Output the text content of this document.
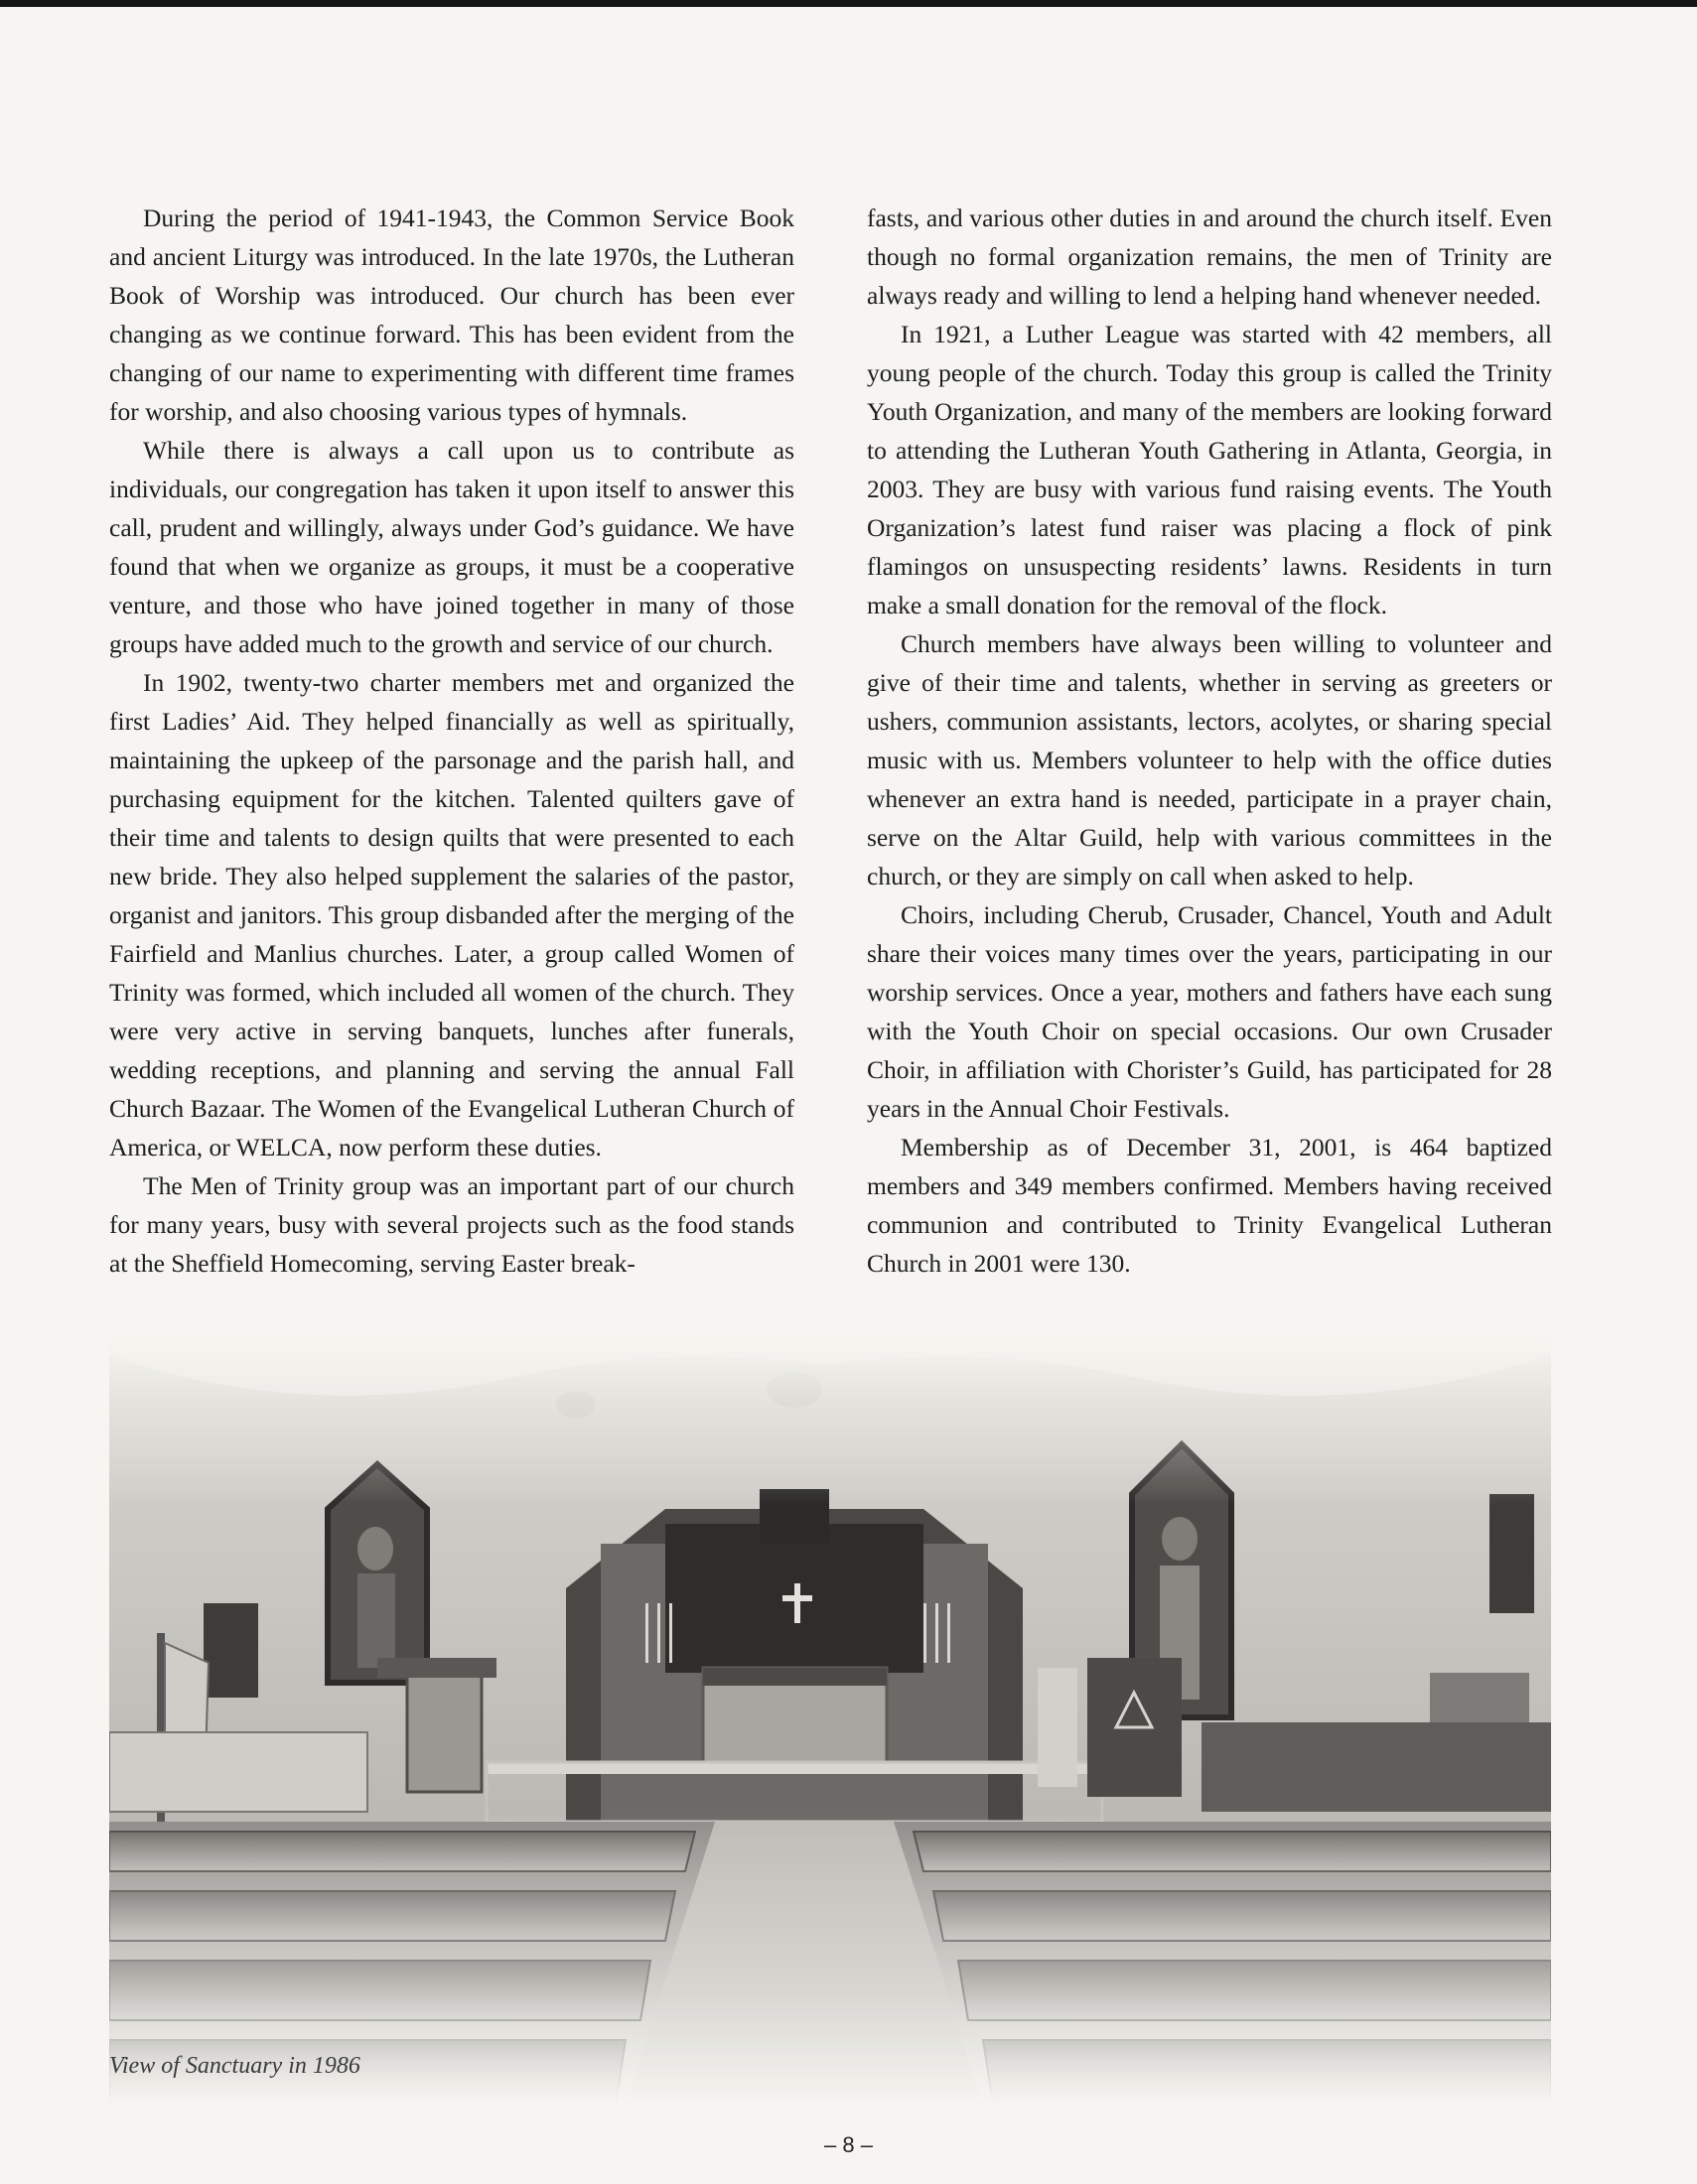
During the period of 1941-1943, the Common Service Book and ancient Liturgy was introduced. In the late 1970s, the Lutheran Book of Worship was introduced. Our church has been ever changing as we continue forward. This has been evident from the changing of our name to experimenting with different time frames for worship, and also choosing various types of hymnals.

While there is always a call upon us to contribute as individuals, our congregation has taken it upon itself to answer this call, prudent and willingly, always under God’s guidance. We have found that when we organize as groups, it must be a cooperative venture, and those who have joined together in many of those groups have added much to the growth and service of our church.

In 1902, twenty-two charter members met and organized the first Ladies’ Aid. They helped financially as well as spiritually, maintaining the upkeep of the parsonage and the parish hall, and purchasing equipment for the kitchen. Talented quilters gave of their time and talents to design quilts that were presented to each new bride. They also helped supplement the salaries of the pastor, organist and janitors. This group disbanded after the merging of the Fairfield and Manlius churches. Later, a group called Women of Trinity was formed, which included all women of the church. They were very active in serving banquets, lunches after funerals, wedding receptions, and planning and serving the annual Fall Church Bazaar. The Women of the Evangelical Lutheran Church of America, or WELCA, now perform these duties.

The Men of Trinity group was an important part of our church for many years, busy with several projects such as the food stands at the Sheffield Homecoming, serving Easter break-

fasts, and various other duties in and around the church itself. Even though no formal organization remains, the men of Trinity are always ready and willing to lend a helping hand whenever needed.

In 1921, a Luther League was started with 42 members, all young people of the church. Today this group is called the Trinity Youth Organization, and many of the members are looking forward to attending the Lutheran Youth Gathering in Atlanta, Georgia, in 2003. They are busy with various fund raising events. The Youth Organization’s latest fund raiser was placing a flock of pink flamingos on unsuspecting residents’ lawns. Residents in turn make a small donation for the removal of the flock.

Church members have always been willing to volunteer and give of their time and talents, whether in serving as greeters or ushers, communion assistants, lectors, acolytes, or sharing special music with us. Members volunteer to help with the office duties whenever an extra hand is needed, participate in a prayer chain, serve on the Altar Guild, help with various committees in the church, or they are simply on call when asked to help.

Choirs, including Cherub, Crusader, Chancel, Youth and Adult share their voices many times over the years, participating in our worship services. Once a year, mothers and fathers have each sung with the Youth Choir on special occasions. Our own Crusader Choir, in affiliation with Chorister’s Guild, has participated for 28 years in the Annual Choir Festivals.

Membership as of December 31, 2001, is 464 baptized members and 349 members confirmed. Members having received communion and contributed to Trinity Evangelical Lutheran Church in 2001 were 130.

View of Sanctuary in 1986
– 8 –
